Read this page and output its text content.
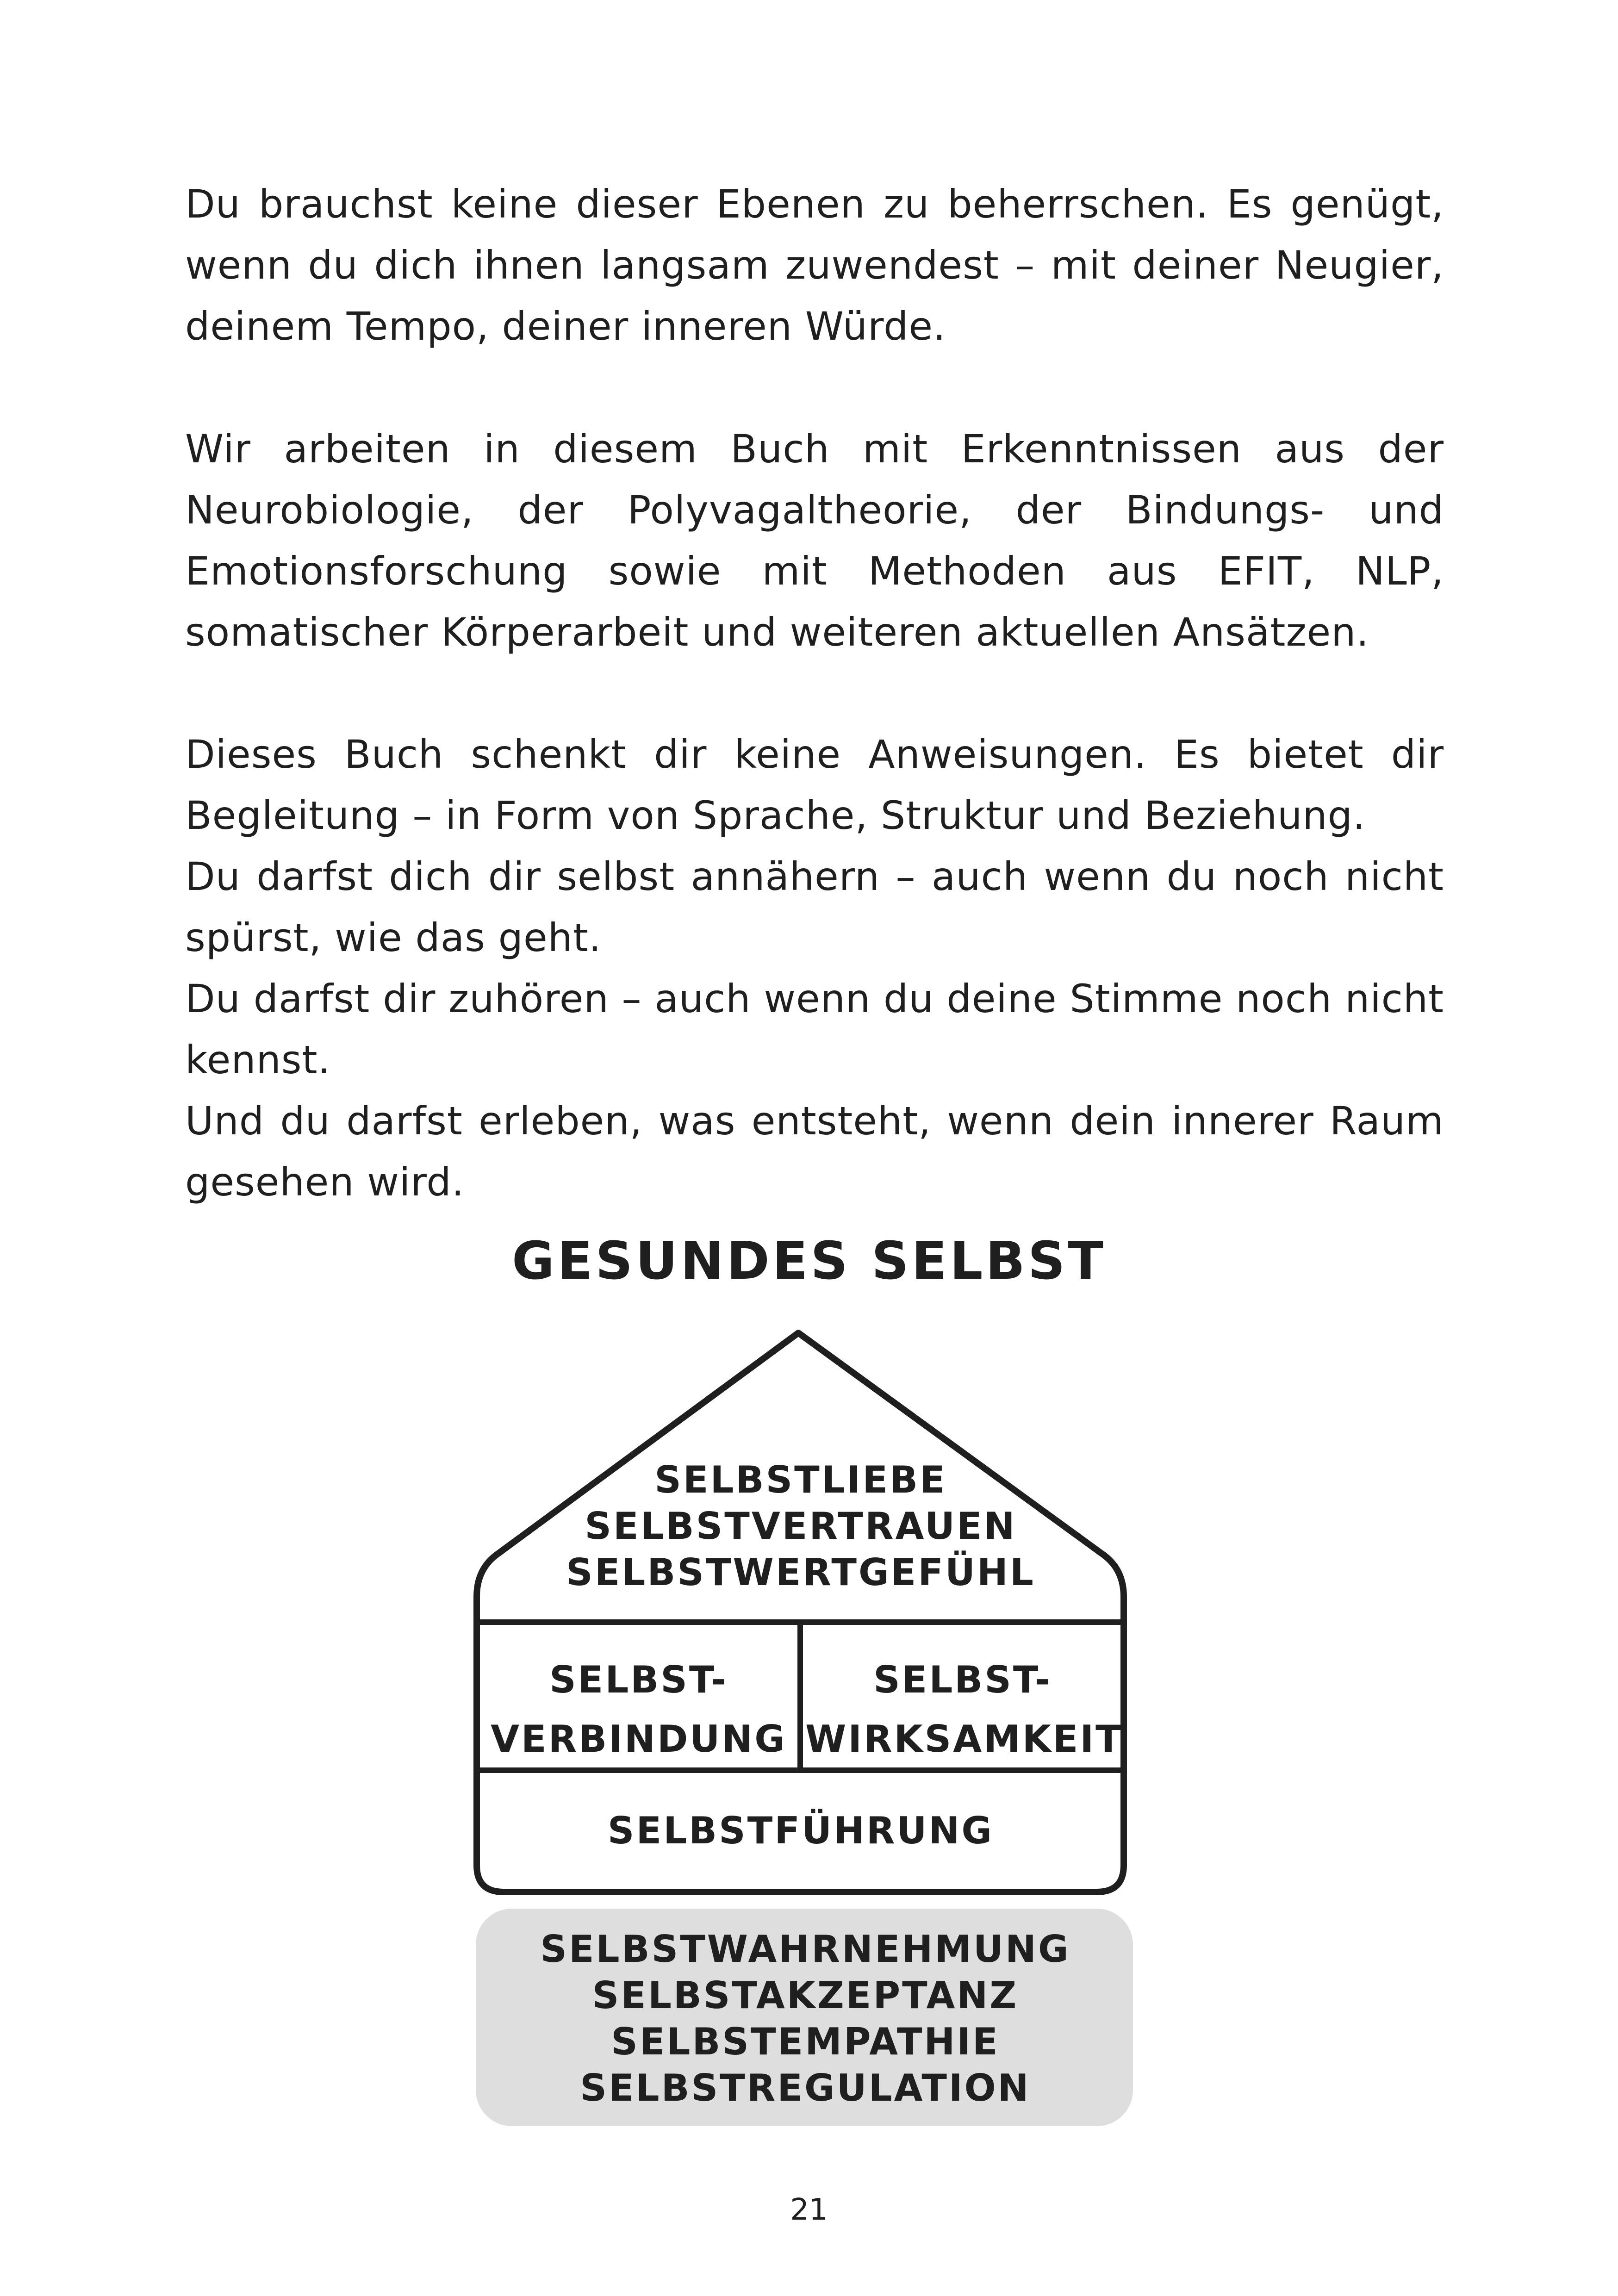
Du brauchst keine dieser Ebenen zu beherrschen. Es genügt, wenn du dich ihnen langsam zuwendest – mit deiner Neugier, deinem Tempo, deiner inneren Würde.

Wir arbeiten in diesem Buch mit Erkenntnissen aus der Neurobiologie, der Polyvagaltheorie, der Bindungs- und Emotionsforschung sowie mit Methoden aus EFIT, NLP, somatischer Körperarbeit und weiteren aktuellen Ansätzen.

Dieses Buch schenkt dir keine Anweisungen. Es bietet dir Begleitung – in Form von Sprache, Struktur und Beziehung.

Du darfst dich dir selbst annähern – auch wenn du noch nicht spürst, wie das geht.

Du darfst dir zuhören – auch wenn du deine Stimme noch nicht kennst.

Und du darfst erleben, was entsteht, wenn dein innerer Raum gesehen wird.

GESUNDES SELBST
SELBSTLIEBE
SELBSTVERTRAUEN
SELBSTWERTGEFÜHL
SELBST-
VERBINDUNG
SELBST-
WIRKSAMKEIT
SELBSTFÜHRUNG
SELBSTWAHRNEHMUNG
SELBSTAKZEPTANZ
SELBSTEMPATHIE
SELBSTREGULATION
21
